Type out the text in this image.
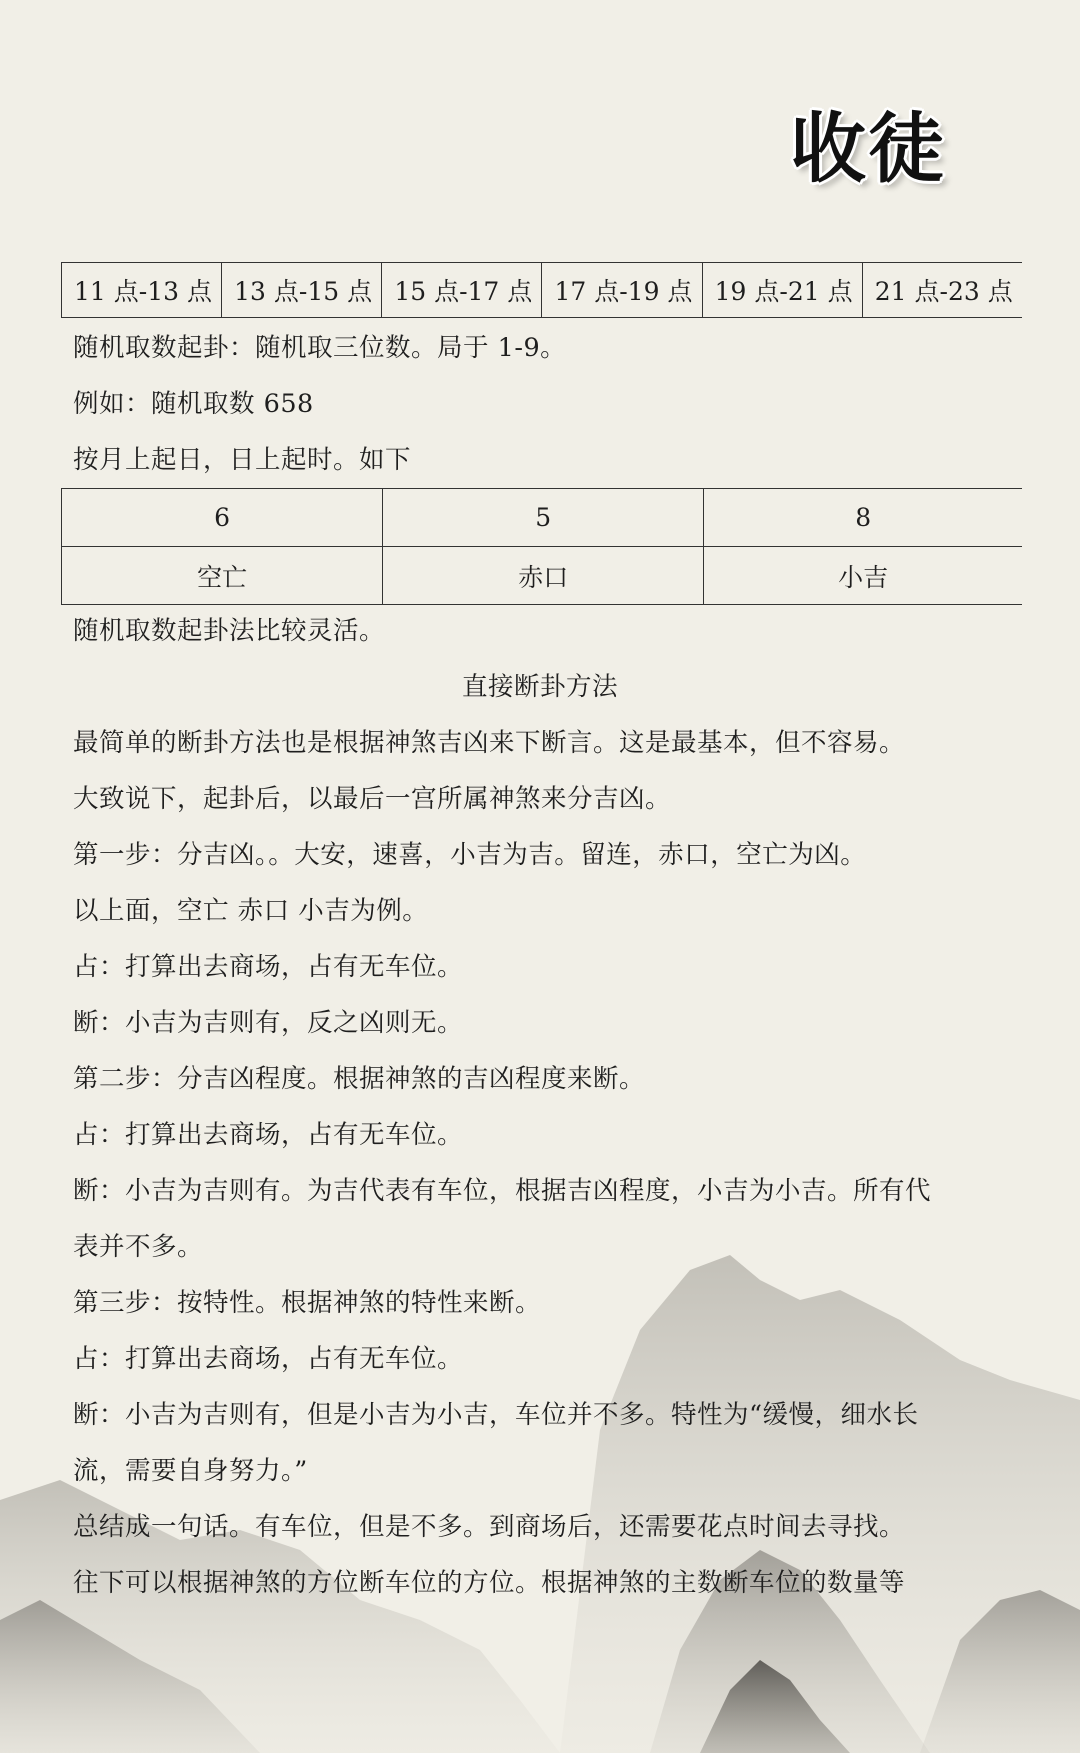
收徒
11 点-13 点	13 点-15 点	15 点-17 点	17 点-19 点	19 点-21 点	21 点-23 点
随机取数起卦：随机取三位数。局于 1-9。
例如：随机取数 658
按月上起日，日上起时。如下
6	5	8
空亡	赤口	小吉
随机取数起卦法比较灵活。
直接断卦方法
最简单的断卦方法也是根据神煞吉凶来下断言。这是最基本，但不容易。
大致说下，起卦后，以最后一宫所属神煞来分吉凶。
第一步：分吉凶。。大安，速喜，小吉为吉。留连，赤口，空亡为凶。
以上面，空亡 赤口 小吉为例。
占：打算出去商场，占有无车位。
断：小吉为吉则有，反之凶则无。
第二步：分吉凶程度。根据神煞的吉凶程度来断。
占：打算出去商场，占有无车位。
断：小吉为吉则有。为吉代表有车位，根据吉凶程度，小吉为小吉。所有代
表并不多。
第三步：按特性。根据神煞的特性来断。
占：打算出去商场，占有无车位。
断：小吉为吉则有，但是小吉为小吉，车位并不多。特性为“缓慢，细水长
流，需要自身努力。”
总结成一句话。有车位，但是不多。到商场后，还需要花点时间去寻找。
往下可以根据神煞的方位断车位的方位。根据神煞的主数断车位的数量等
